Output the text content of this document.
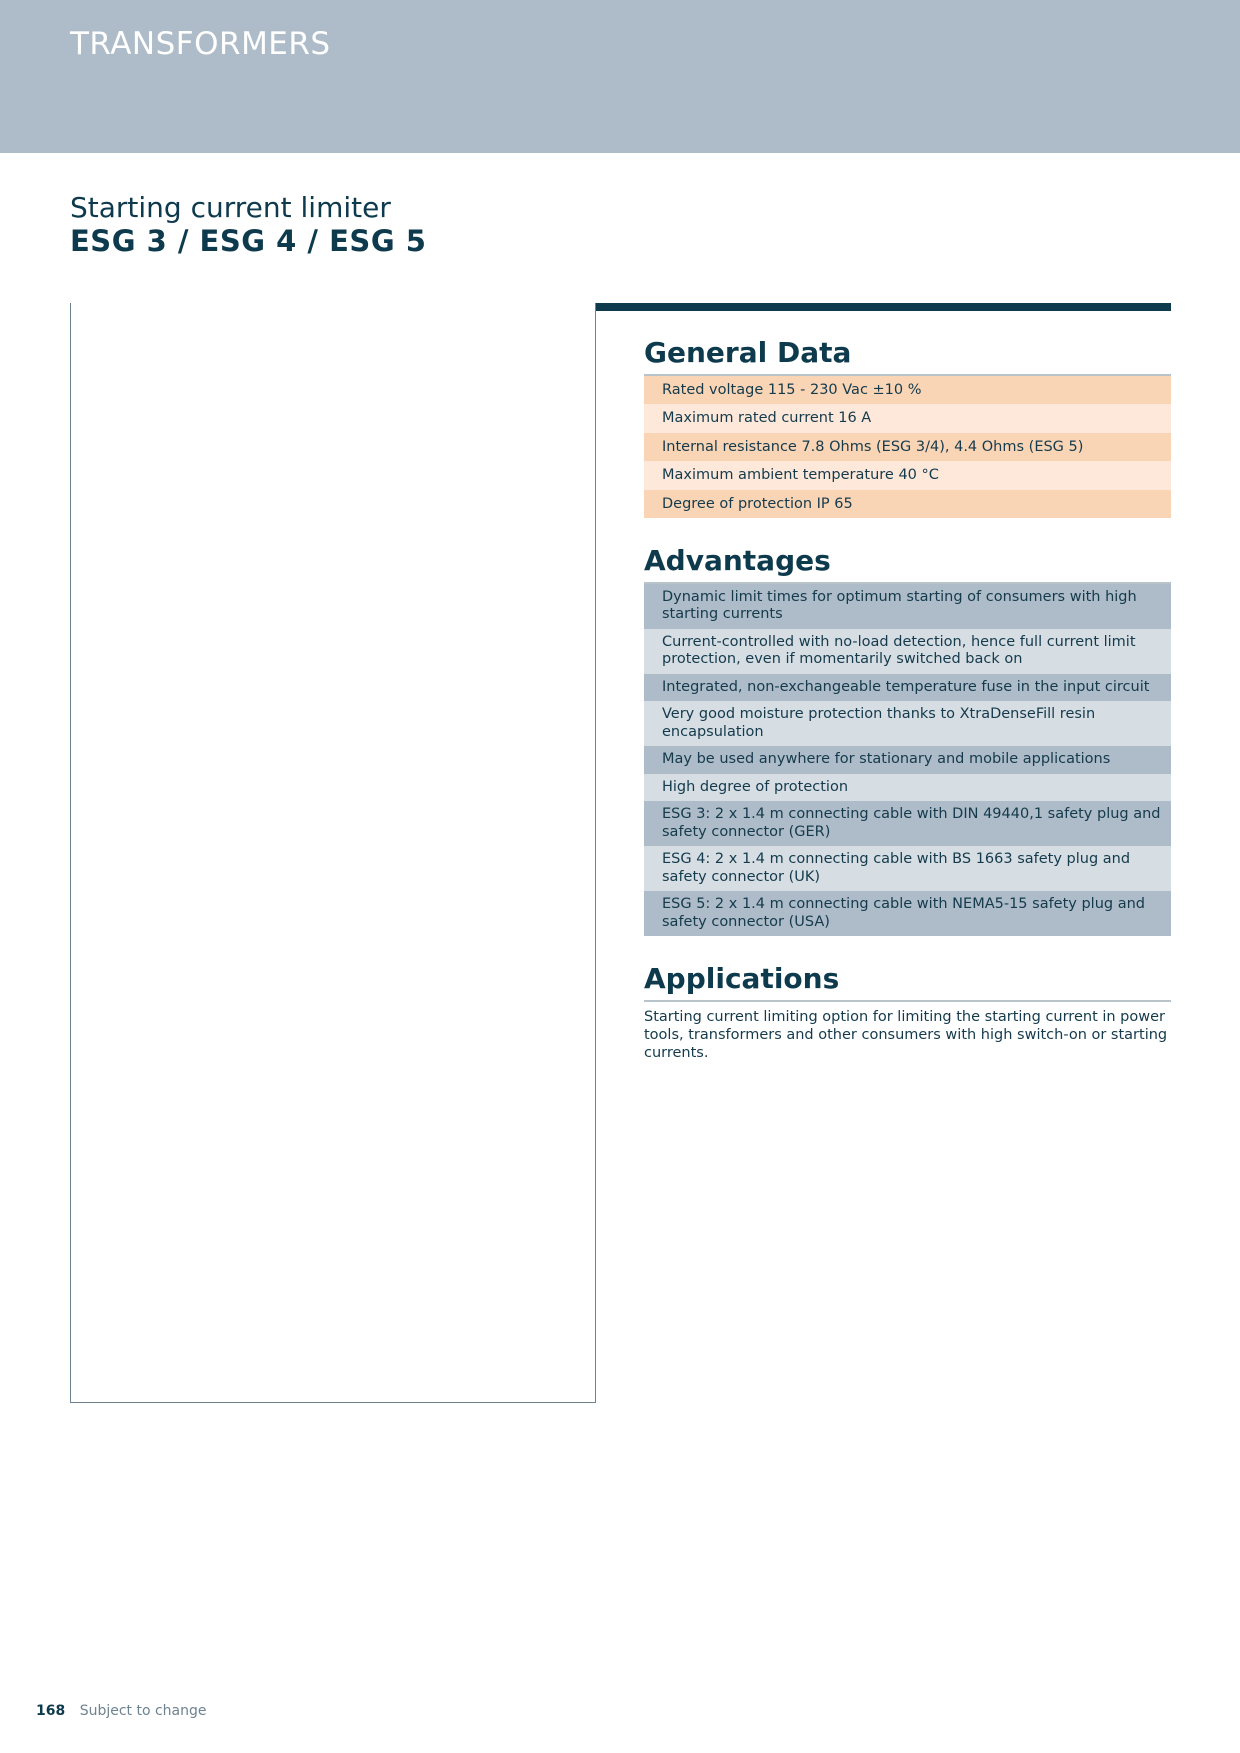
TRANSFORMERS
Starting current limiter
ESG 3 / ESG 4 / ESG 5
General Data
Rated voltage 115 - 230 Vac ±10 %
Maximum rated current 16 A
Internal resistance 7.8 Ohms (ESG 3/4), 4.4 Ohms (ESG 5)
Maximum ambient temperature 40 °C
Degree of protection IP 65
Advantages
Dynamic limit times for optimum starting of consumers with high starting currents
Current-controlled with no-load detection, hence full current limit protection, even if momentarily switched back on
Integrated, non-exchangeable temperature fuse in the input circuit
Very good moisture protection thanks to XtraDenseFill resin encapsulation
May be used anywhere for stationary and mobile applications
High degree of protection
ESG 3: 2 x 1.4 m connecting cable with DIN 49440,1 safety plug and safety connector (GER)
ESG 4: 2 x 1.4 m connecting cable with BS 1663 safety plug and safety connector (UK)
ESG 5: 2 x 1.4 m connecting cable with NEMA5-15 safety plug and safety connector (USA)
Applications
Starting current limiting option for limiting the starting current in power tools, transformers and other consumers with high switch-on or starting currents.
168 Subject to change
